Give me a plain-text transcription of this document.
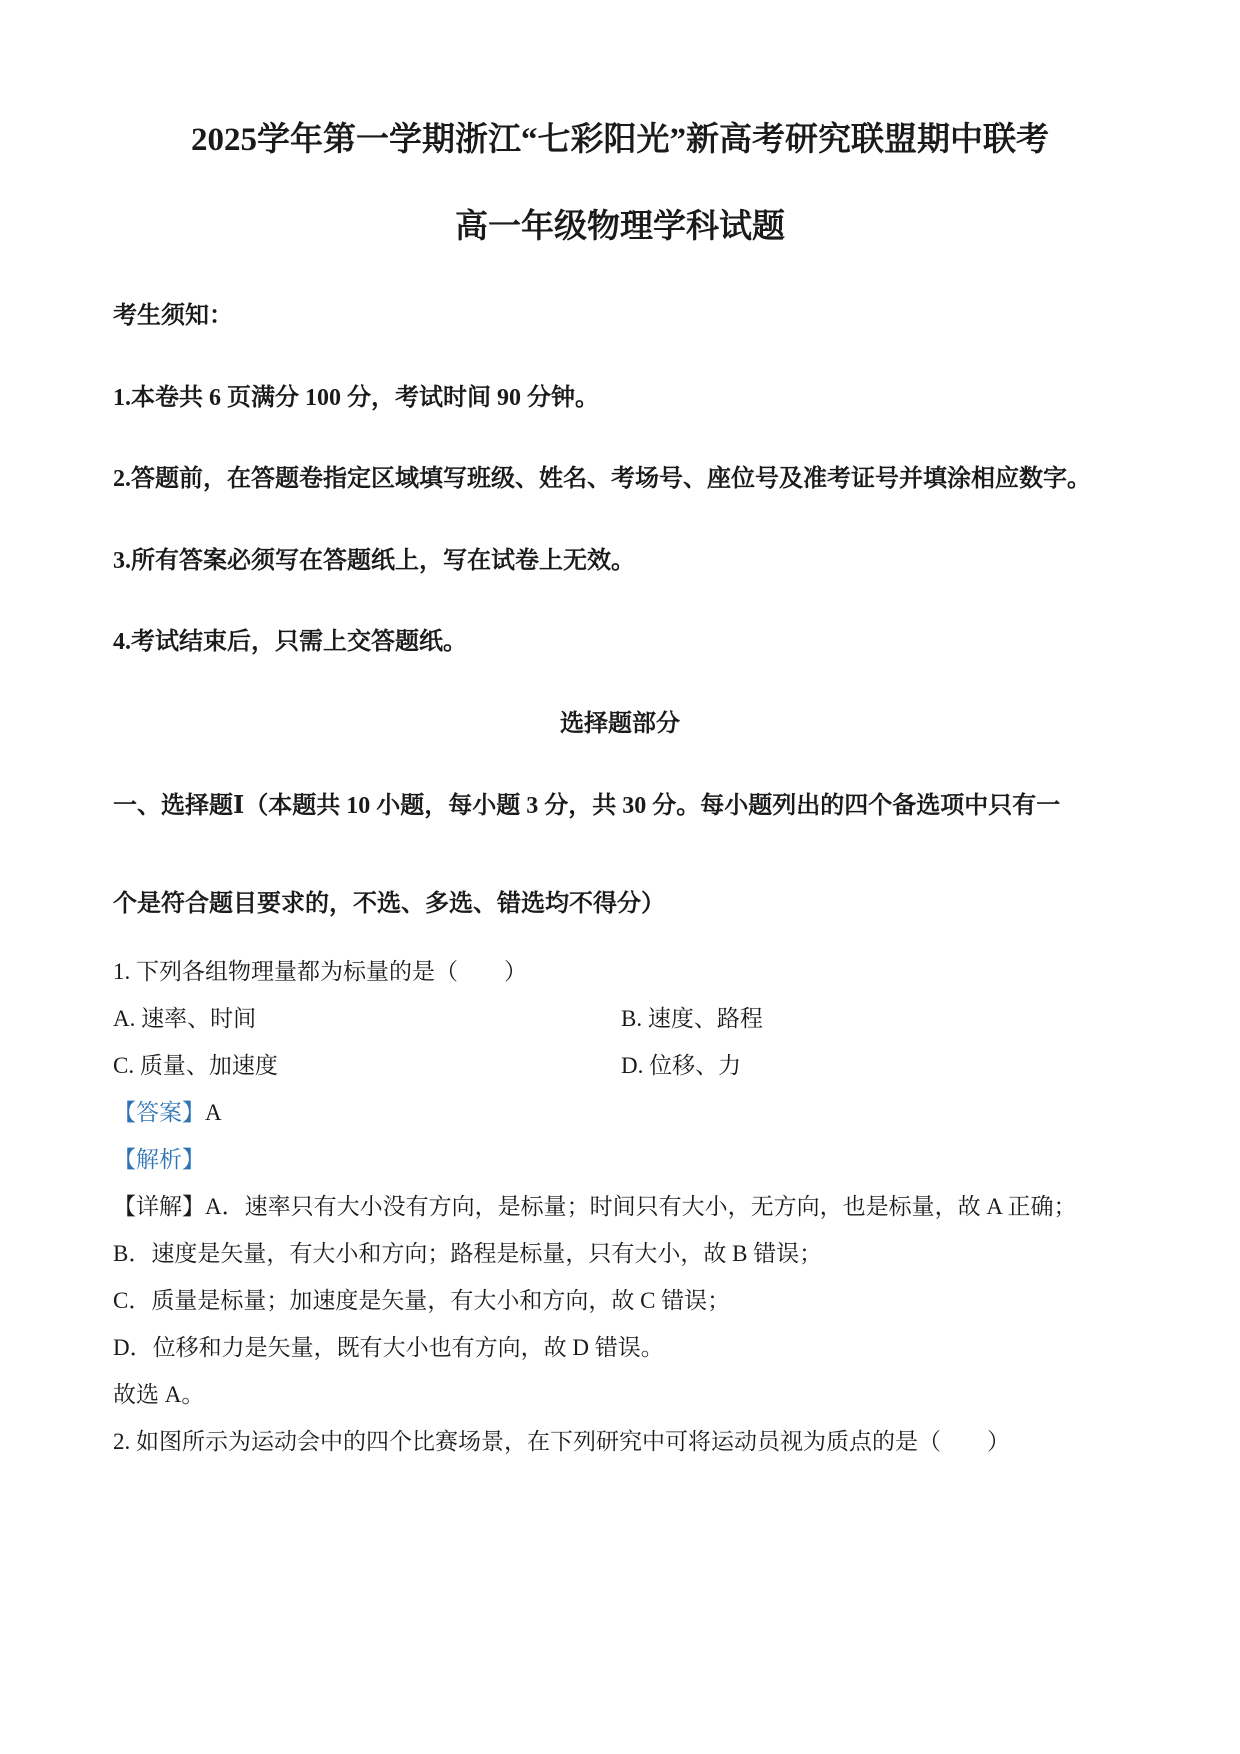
2025学年第一学期浙江“七彩阳光”新高考研究联盟期中联考
高一年级物理学科试题
考生须知：
1.本卷共 6 页满分 100 分，考试时间 90 分钟。
2.答题前，在答题卷指定区域填写班级、姓名、考场号、座位号及准考证号并填涂相应数字。
3.所有答案必须写在答题纸上，写在试卷上无效。
4.考试结束后，只需上交答题纸。
选择题部分
一、选择题Ⅰ（本题共 10 小题，每小题 3 分，共 30 分。每小题列出的四个备选项中只有一
个是符合题目要求的，不选、多选、错选均不得分）
1. 下列各组物理量都为标量的是（　　）
A. 速率、时间	B. 速度、路程
C. 质量、加速度	D. 位移、力
【答案】A
【解析】
【详解】A．速率只有大小没有方向，是标量；时间只有大小，无方向，也是标量，故 A 正确；
B．速度是矢量，有大小和方向；路程是标量，只有大小，故 B 错误；
C．质量是标量；加速度是矢量，有大小和方向，故 C 错误；
D．位移和力是矢量，既有大小也有方向，故 D 错误。
故选 A。
2. 如图所示为运动会中的四个比赛场景，在下列研究中可将运动员视为质点的是（　　）
